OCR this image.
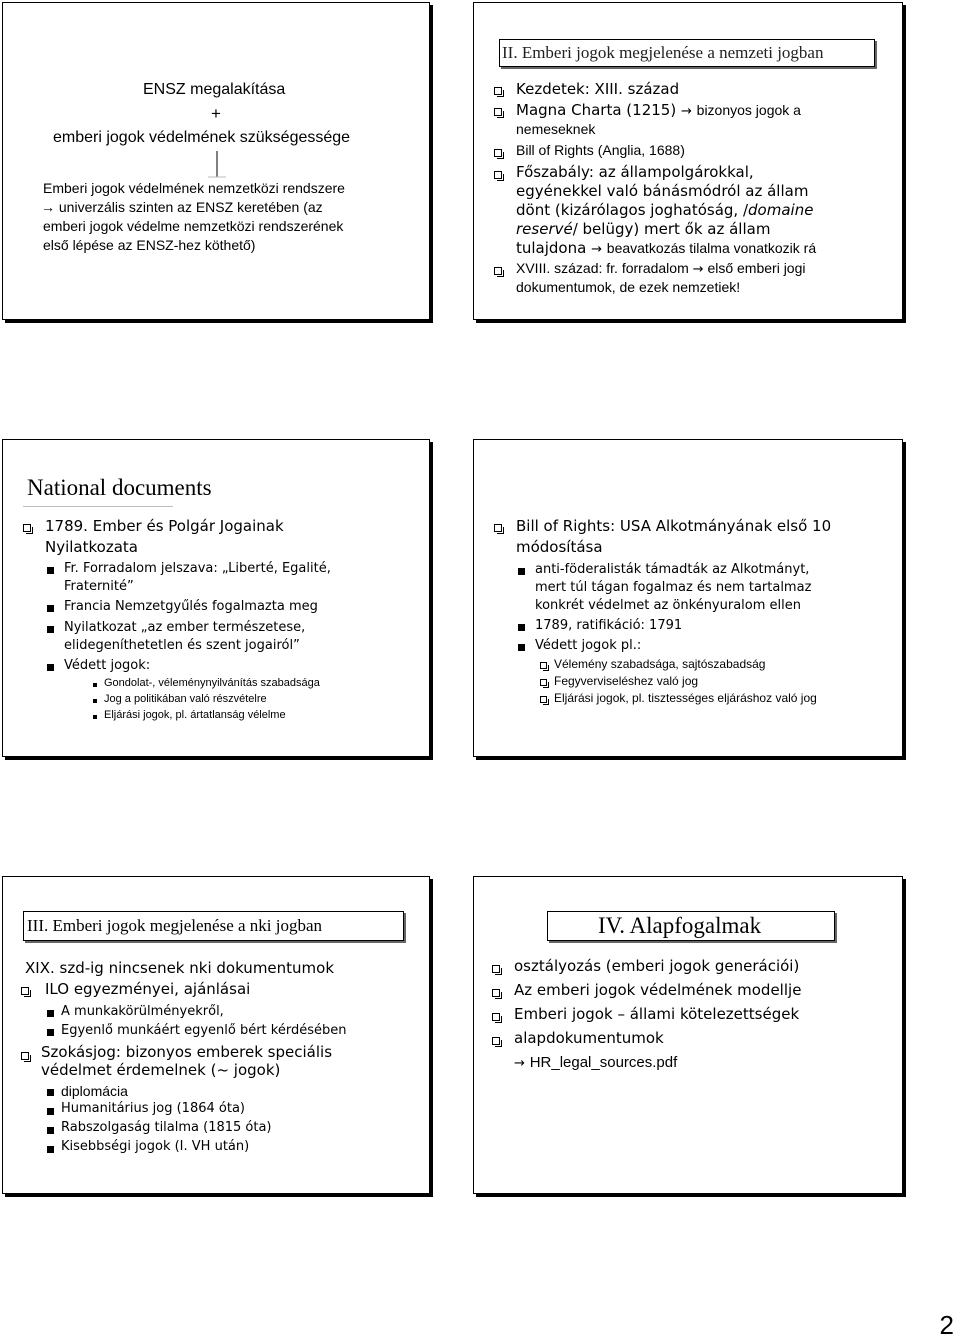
ENSZ megalakítása
+
emberi jogok védelmének szükségessége
Emberi jogok védelmének nemzetközi rendszere
→ univerzális szinten az ENSZ keretében (az
emberi jogok védelme nemzetközi rendszerének
első lépése az ENSZ-hez köthető)
II. Emberi jogok megjelenése a nemzeti jogban
Kezdetek: XIII. század
Magna Charta (1215) → bizonyos jogok a
nemeseknek
Bill of Rights (Anglia, 1688)
Főszabály: az állampolgárokkal,
egyénekkel való bánásmódról az állam
dönt (kizárólagos joghatóság, /domaine
reservé/ belügy) mert ők az állam
tulajdona → beavatkozás tilalma vonatkozik rá
XVIII. század: fr. forradalom → első emberi jogi
dokumentumok, de ezek nemzetiek!
National documents
1789. Ember és Polgár Jogainak
Nyilatkozata
Fr. Forradalom jelszava: „Liberté, Egalité,
Fraternité”
Francia Nemzetgyűlés fogalmazta meg
Nyilatkozat „az ember természetese,
elidegeníthetetlen és szent jogairól”
Védett jogok:
Gondolat-, véleménynyilvánítás szabadsága
Jog a politikában való részvételre
Eljárási jogok, pl. ártatlanság vélelme
Bill of Rights: USA Alkotmányának első 10
módosítása
anti-föderalisták támadták az Alkotmányt,
mert túl tágan fogalmaz és nem tartalmaz
konkrét védelmet az önkényuralom ellen
1789, ratifikáció: 1791
Védett jogok pl.:
Vélemény szabadsága, sajtószabadság
Fegyverviseléshez való jog
Eljárási jogok, pl. tisztességes eljáráshoz való jog
III. Emberi jogok megjelenése a nki jogban
XIX. szd-ig nincsenek nki dokumentumok
ILO egyezményei, ajánlásai
A munkakörülményekről,
Egyenlő munkáért egyenlő bért kérdésében
Szokásjog: bizonyos emberek speciális
védelmet érdemelnek (~ jogok)
diplomácia
Humanitárius jog (1864 óta)
Rabszolgaság tilalma (1815 óta)
Kisebbségi jogok (I. VH után)
IV. Alapfogalmak
osztályozás (emberi jogok generációi)
Az emberi jogok védelmének modellje
Emberi jogok – állami kötelezettségek
alapdokumentumok
→ HR_legal_sources.pdf
2
